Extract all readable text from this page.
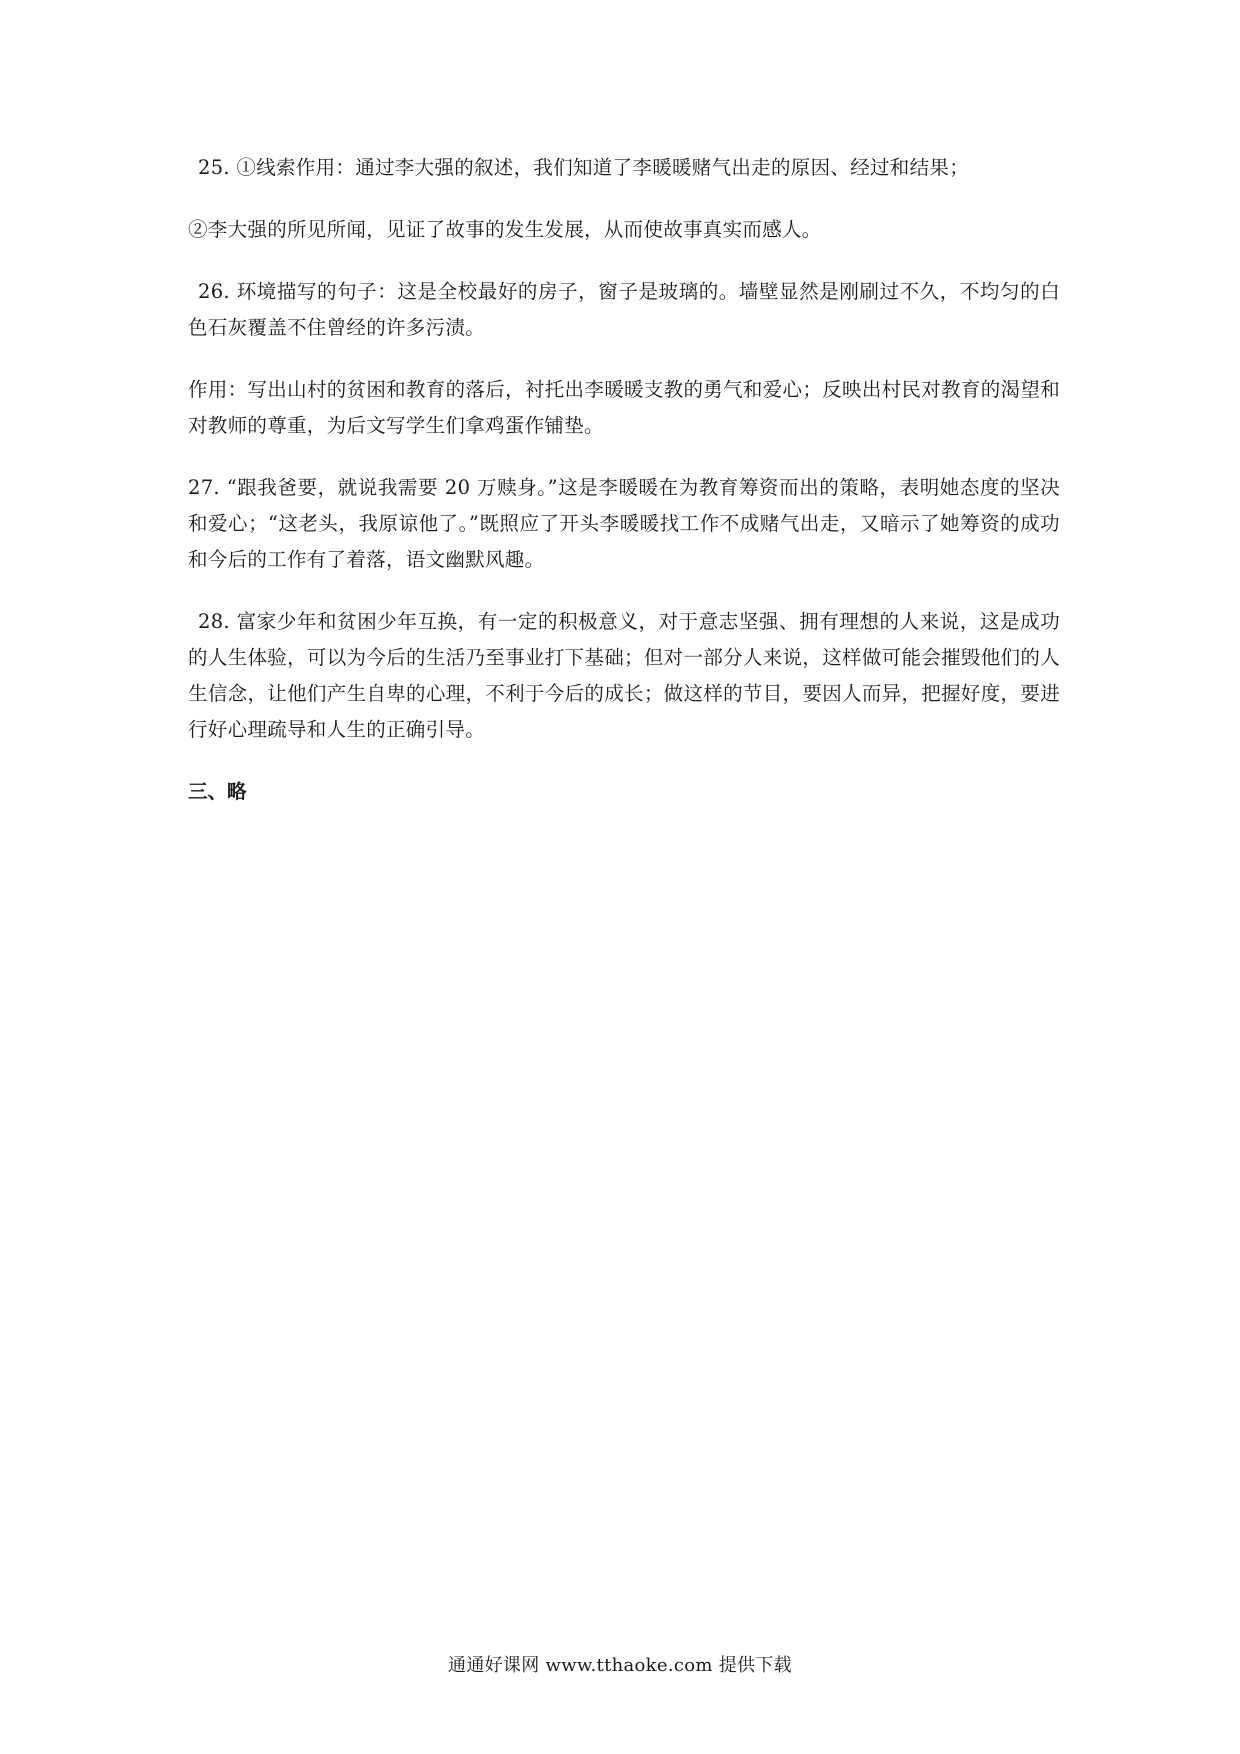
25. ①线索作用：通过李大强的叙述，我们知道了李暖暖赌气出走的原因、经过和结果；

②李大强的所见所闻，见证了故事的发生发展，从而使故事真实而感人。

26. 环境描写的句子：这是全校最好的房子，窗子是玻璃的。墙壁显然是刚刷过不久，不均匀的白色石灰覆盖不住曾经的许多污渍。

作用：写出山村的贫困和教育的落后，衬托出李暖暖支教的勇气和爱心；反映出村民对教育的渴望和对教师的尊重，为后文写学生们拿鸡蛋作铺垫。

27. “跟我爸要，就说我需要 20 万赎身。”这是李暖暖在为教育筹资而出的策略，表明她态度的坚决和爱心；“这老头，我原谅他了。”既照应了开头李暖暖找工作不成赌气出走，又暗示了她筹资的成功和今后的工作有了着落，语文幽默风趣。

28. 富家少年和贫困少年互换，有一定的积极意义，对于意志坚强、拥有理想的人来说，这是成功的人生体验，可以为今后的生活乃至事业打下基础；但对一部分人来说，这样做可能会摧毁他们的人生信念，让他们产生自卑的心理，不利于今后的成长；做这样的节目，要因人而异，把握好度，要进行好心理疏导和人生的正确引导。

三、略

通通好课网 www.tthaoke.com 提供下载
